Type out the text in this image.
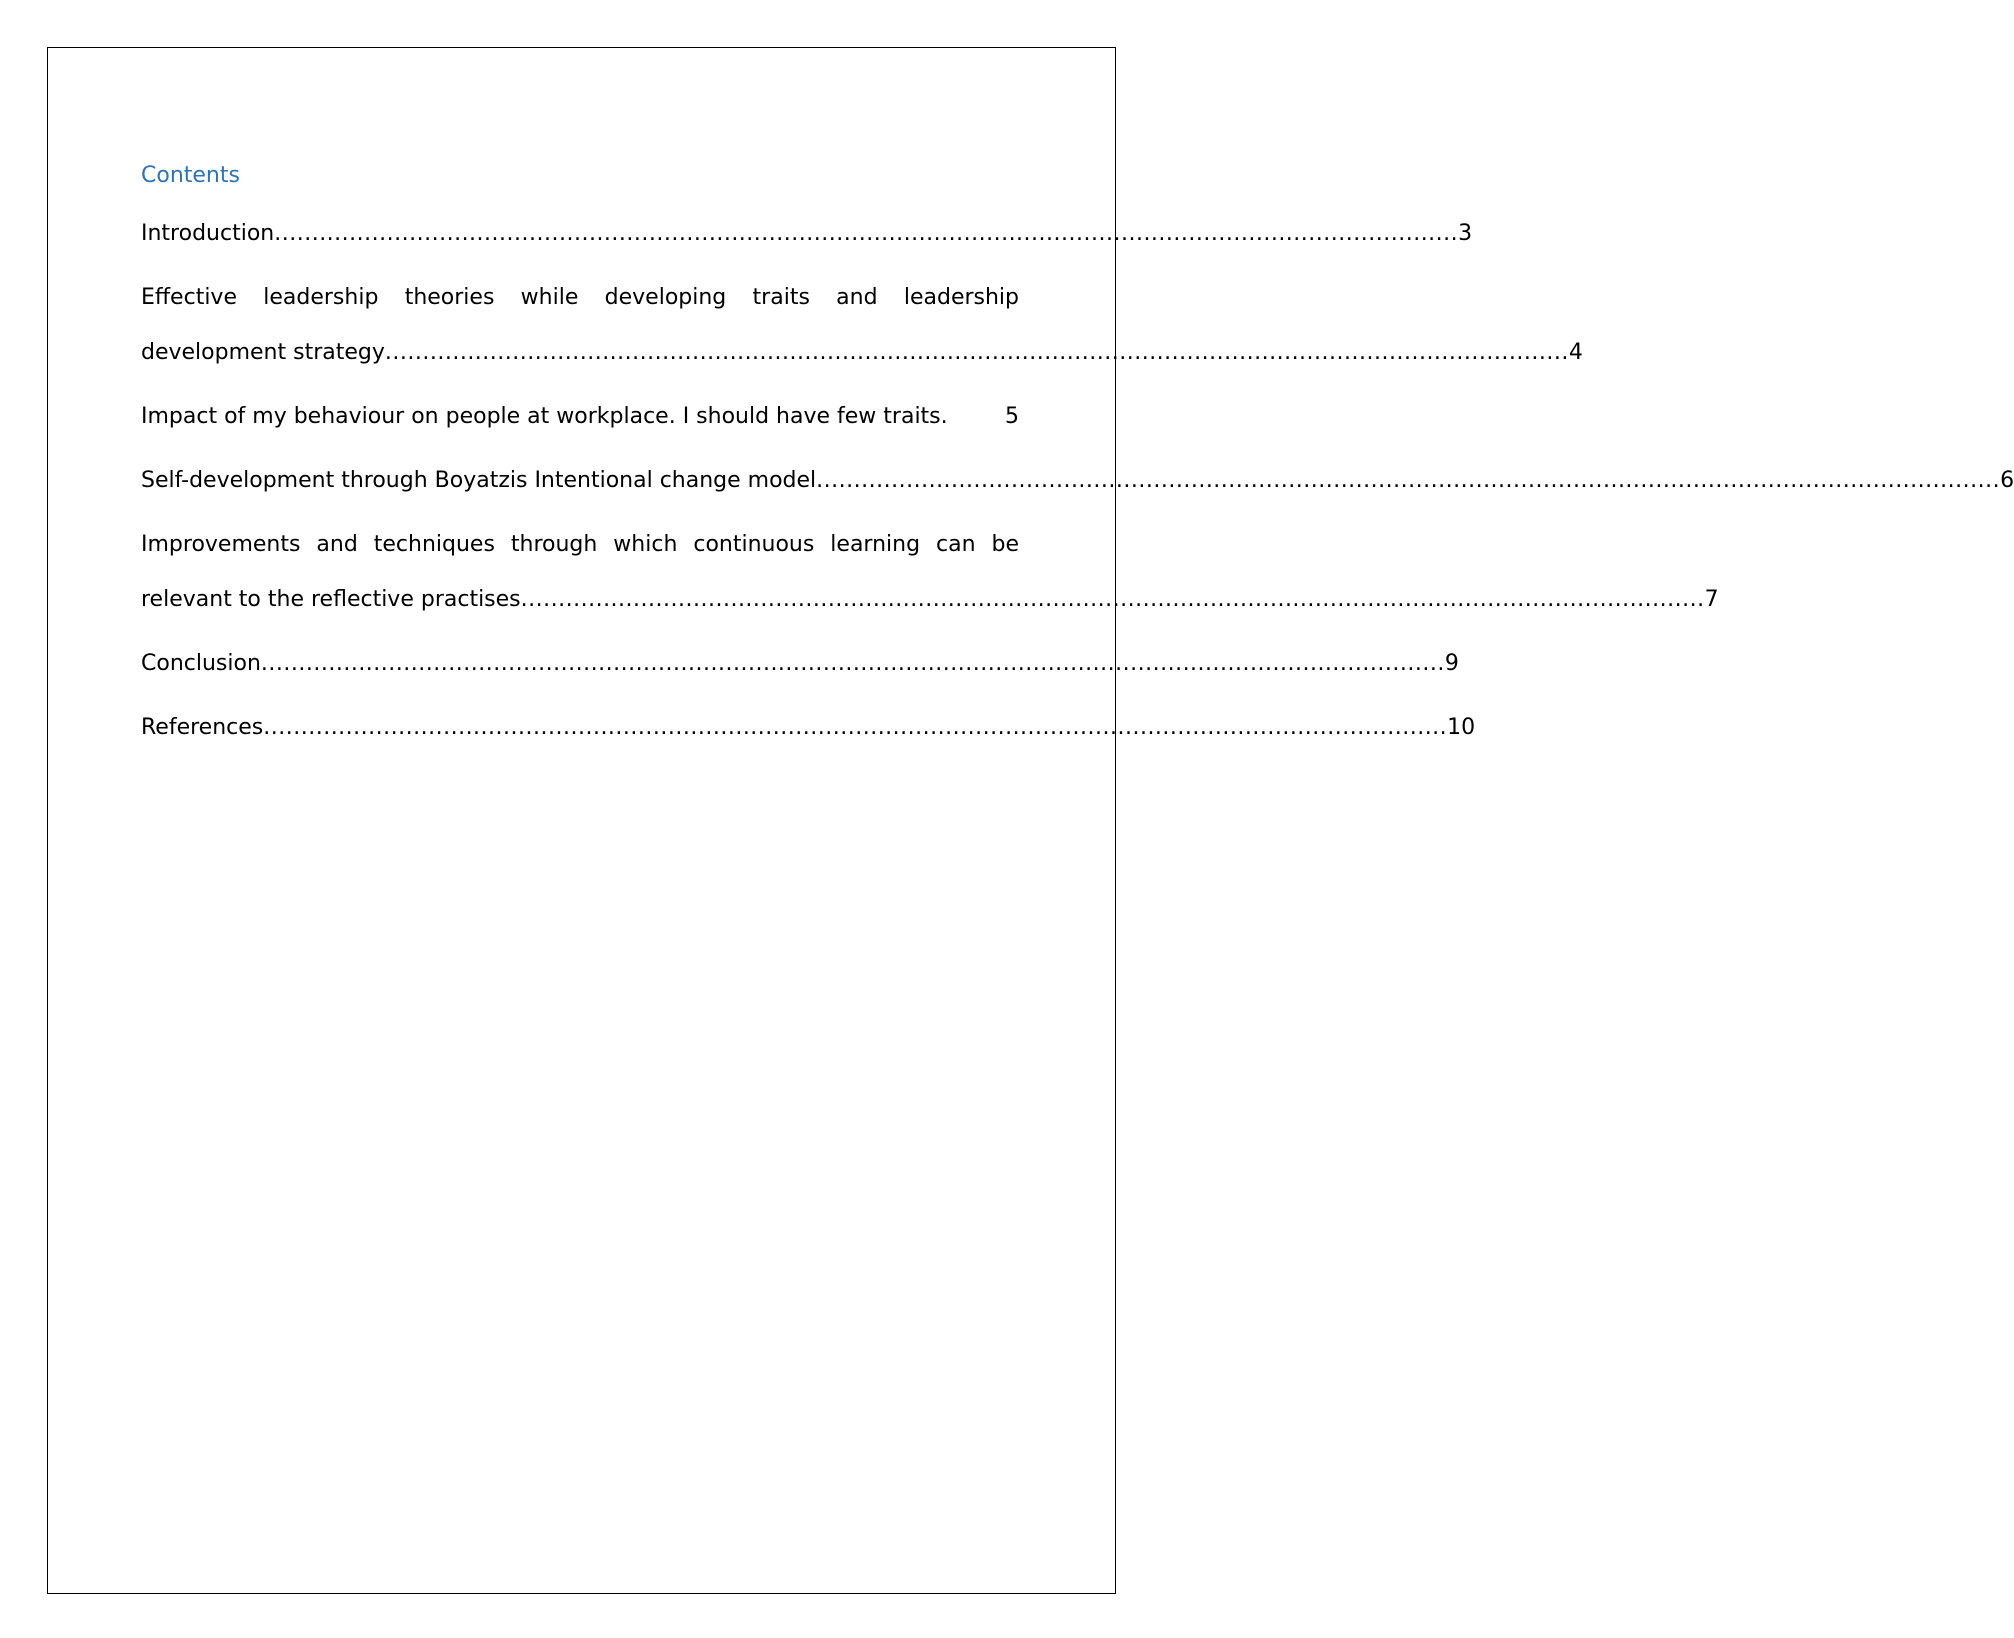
Contents
Introduction .............................................................................................................................................................. 3
Effective leadership theories while developing traits and leadership
development strategy .............................................................................................................................................................. 4
Impact of my behaviour on people at workplace. I should have few traits.	5
Self-development through Boyatzis Intentional change model .............................................................................................................................................................. 6
Improvements and techniques through which continuous learning can be
relevant to the reflective practises .............................................................................................................................................................. 7
Conclusion .............................................................................................................................................................. 9
References .............................................................................................................................................................. 10
